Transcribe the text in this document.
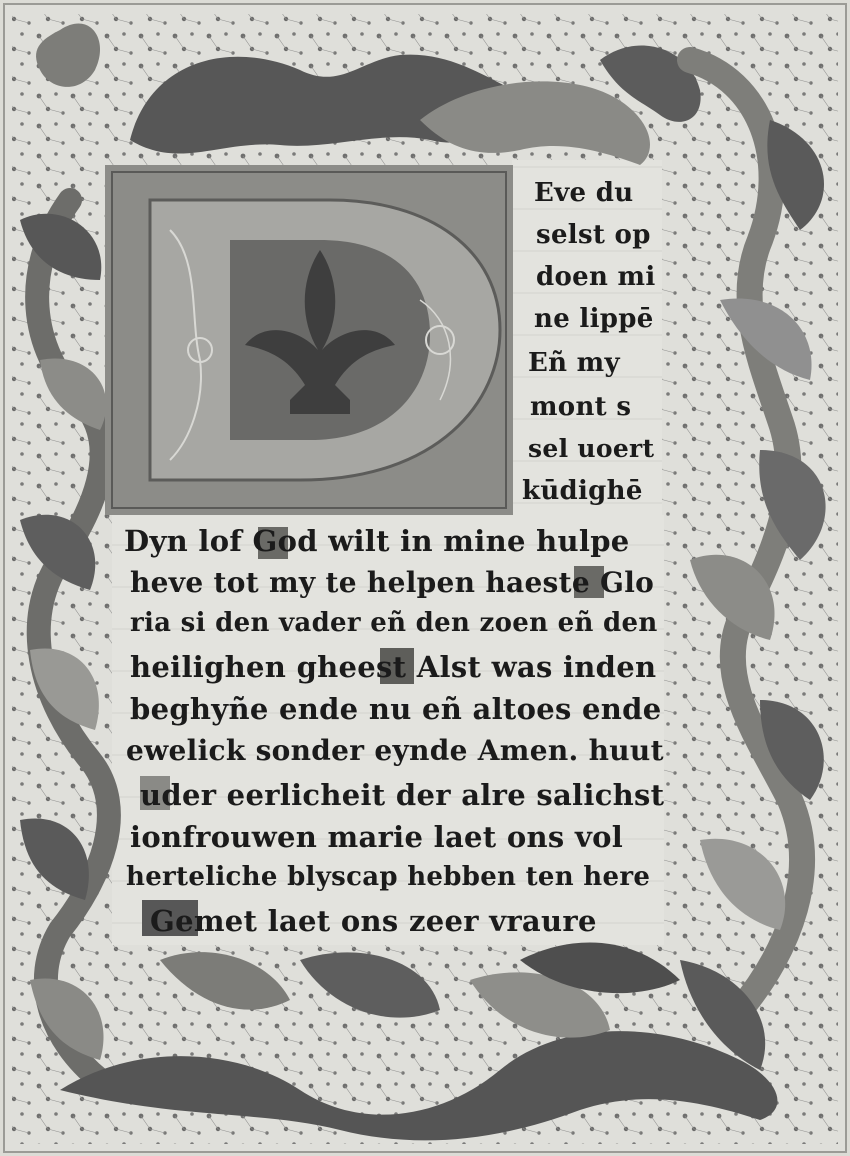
Eve du
selst op
doen mi
ne lippē
Eñ my
mont s
sel uoert
kūdighē
Dyn lof God wilt in mine hulpe
heve tot my te helpen haeste Glo
ria si den vader eñ den zoen eñ den
heilighen gheest Alst was inden
beghyñe ende nu eñ altoes ende
ewelick sonder eynde Amen. huut
uder eerlicheit der alre salichst
ionfrouwen marie laet ons vol
herteliche blyscap hebben ten here
Gemet laet ons zeer vraure
